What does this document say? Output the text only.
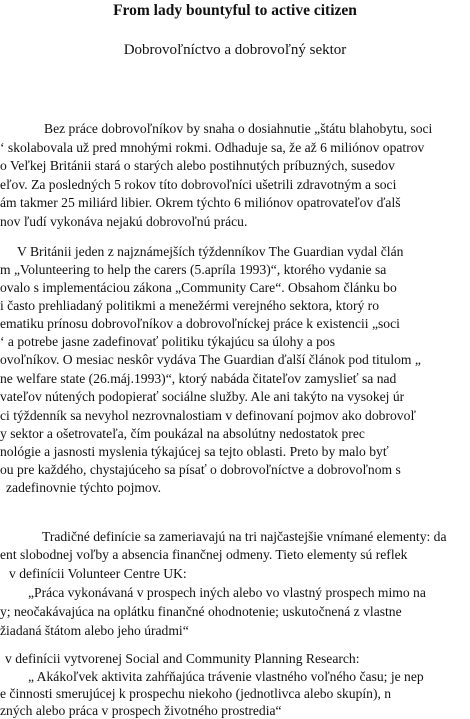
From lady bountyful to active citizen
Dobrovoľníctvo a dobrovoľný sektor
Bez práce dobrovoľníkov by snaha o dosiahnutie „štátu blahobytu, soci
‘ skolabovala už pred mnohými rokmi. Odhaduje sa, že až 6 miliónov opatrov
o Veľkej Británii stará o starých alebo postihnutých príbuzných, susedov
eľov. Za posledných 5 rokov títo dobrovoľníci ušetrili zdravotným a soci
ám takmer 25 miliárd libier. Okrem týchto 6 miliónov opatrovateľov ďalš
nov ľudí vykonáva nejakú dobrovoľnú prácu.
V Británii jeden z najznámejších týždenníkov The Guardian vydal člán
m „Volunteering to help the carers (5.apríla 1993)“, ktorého vydanie sa
ovalo s implementáciou zákona „Community Care“. Obsahom článku bo
i často prehliadaný politikmi a menežérmi verejného sektora, ktorý ro
ematiku prínosu dobrovoľníkov a dobrovoľníckej práce k existencii „soci
‘ a potrebe jasne zadefinovať politiku týkajúcu sa úlohy a pos
ovoľníkov. O mesiac neskôr vydáva The Guardian ďalší článok pod titulom „
ne welfare state (26.máj.1993)“, ktorý nabáda čitateľov zamyslieť sa nad
vateľov nútených podopierať sociálne služby. Ale ani takýto na vysokej úr
ci týždenník sa nevyhol nezrovnalostiam v definovaní pojmov ako dobrovoľ
y sektor a ošetrovateľa, čím poukázal na absolútny nedostatok prec
nológie a jasnosti myslenia týkajúcej sa tejto oblasti. Preto by malo byť
ou pre každého, chystajúceho sa písať o dobrovoľníctve a dobrovoľnom s
zadefinovnie týchto pojmov.
Tradičné definície sa zameriavajú na tri najčastejšie vnímané elementy: da
ent slobodnej voľby a absencia finančnej odmeny. Tieto elementy sú reflek
v definícii Volunteer Centre UK:
„Práca vykonávaná v prospech iných alebo vo vlastný prospech mimo na
y; neočakávajúca na oplátku finančné ohodnotenie; uskutočnená z vlastne
žiadaná štátom alebo jeho úradmi“
v definícii vytvorenej Social and Community Planning Research:
„ Akákoľvek aktivita zahŕňajúca trávenie vlastného voľného času; je nep
e činnosti smerujúcej k prospechu niekoho (jednotlivca alebo skupín), n
zných alebo práca v prospech životného prostredia“
